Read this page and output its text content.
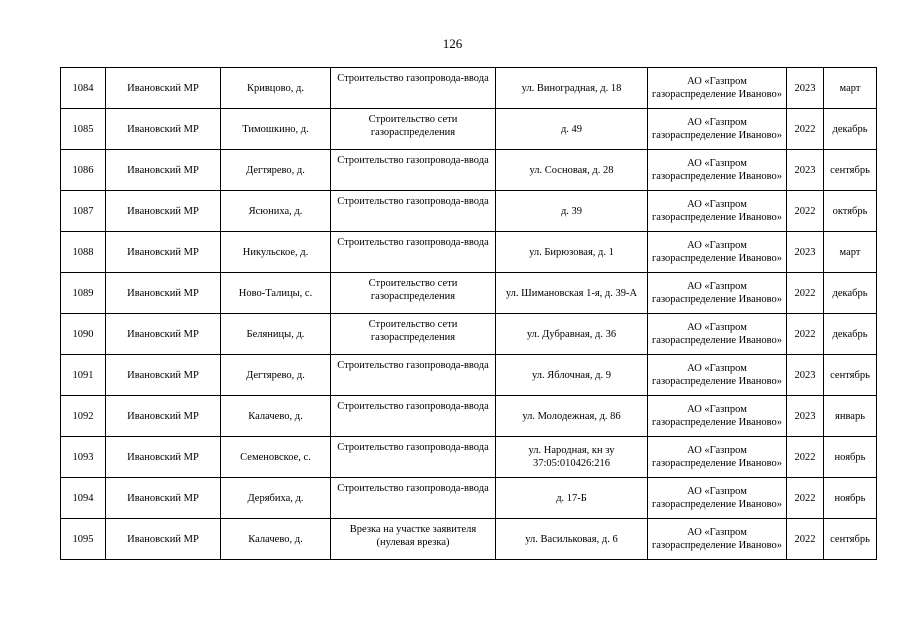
126
1084	Ивановский МР	Кривцово, д.	Строительство газопровода-ввода	ул. Виноградная, д. 18	АО «Газпром газораспределение Иваново»	2023	март
1085	Ивановский МР	Тимошкино, д.	Строительство сети газораспределения	д. 49	АО «Газпром газораспределение Иваново»	2022	декабрь
1086	Ивановский МР	Дегтярево, д.	Строительство газопровода-ввода	ул. Сосновая, д. 28	АО «Газпром газораспределение Иваново»	2023	сентябрь
1087	Ивановский МР	Ясюниха, д.	Строительство газопровода-ввода	д. 39	АО «Газпром газораспределение Иваново»	2022	октябрь
1088	Ивановский МР	Никульское, д.	Строительство газопровода-ввода	ул. Бирюзовая, д. 1	АО «Газпром газораспределение Иваново»	2023	март
1089	Ивановский МР	Ново-Талицы, с.	Строительство сети газораспределения	ул. Шимановская 1-я, д. 39-А	АО «Газпром газораспределение Иваново»	2022	декабрь
1090	Ивановский МР	Беляницы, д.	Строительство сети газораспределения	ул. Дубравная, д. 36	АО «Газпром газораспределение Иваново»	2022	декабрь
1091	Ивановский МР	Дегтярево, д.	Строительство газопровода-ввода	ул. Яблочная, д. 9	АО «Газпром газораспределение Иваново»	2023	сентябрь
1092	Ивановский МР	Калачево, д.	Строительство газопровода-ввода	ул. Молодежная, д. 86	АО «Газпром газораспределение Иваново»	2023	январь
1093	Ивановский МР	Семеновское, с.	Строительство газопровода-ввода	ул. Народная, кн зу 37:05:010426:216	АО «Газпром газораспределение Иваново»	2022	ноябрь
1094	Ивановский МР	Дерябиха, д.	Строительство газопровода-ввода	д. 17-Б	АО «Газпром газораспределение Иваново»	2022	ноябрь
1095	Ивановский МР	Калачево, д.	Врезка на участке заявителя (нулевая врезка)	ул. Васильковая, д. 6	АО «Газпром газораспределение Иваново»	2022	сентябрь
